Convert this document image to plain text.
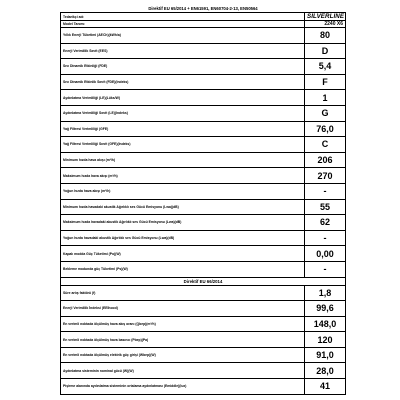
Direktif EU 65/2014 + EN61591, EN60704-2-13, EN50564
Tedarikçi adı	SILVERLINE
Model Tanımı	2240 X6
Yıllık Enerji Tüketimi (AECh)(kWh/a)	80
Enerji Verimlilik Sınıfı (EES)	D
Sıvı Dinamik Etkinliği (FDE)	5,4
Sıvı Dinamik Etkinlik Sınıfı (FDE)(Indeks)	F
Aydınlatma Verimliliği (LE)(Lüks/W)	1
Aydınlatma Verimliliği Sınıfı (LE)(Indeks)	G
Yağ Filtresi Verimliliği (GFE)	76,0
Yağ Filtresi Verimliliği Sınıfı (GFE)(Indeks)	C
Minimum hızda hava akışı (m³/h)	206
Maksimum hızda hava akışı (m³/h)	270
Yoğun hızda hava akışı (m³/h)	-
Minimum hızda havadaki akustik Ağırlıklı ses Gücü Emisyonu (Lwa)(dB)	55
Maksimum hızda havadaki akustik Ağırlıklı ses Gücü Emisyonu (Lwa)(dB)	62
Yoğun hızda havadaki akustik Ağırlıklı ses Gücü Emisyonu (Lwa)(dB)	-
Kapalı modda Güç Tüketimi (Po)(W)	0,00
Bekleme modunda güç Tüketimi (Ps)(W)	-
Direktif EU 66/2014	
Süre artış faktörü (f)	1,8
Enerji Verimlilik İndeksi (EEIhood)	99,6
En verimli noktada ölçülmüş hava akış oranı (Qbep)(m³/h)	148,0
En verimli noktada ölçülmüş hava basıncı (Pbep)(Pa)	120
En verimli noktada ölçülmüş elektrik güç girişi (Wbep)(W)	91,0
Aydınlatma sisteminin nominal gücü (W)(W)	28,0
Pişirme alanında aydınlatma sisteminin ortalama aydınlatması (Emiddle)(lux)	41
